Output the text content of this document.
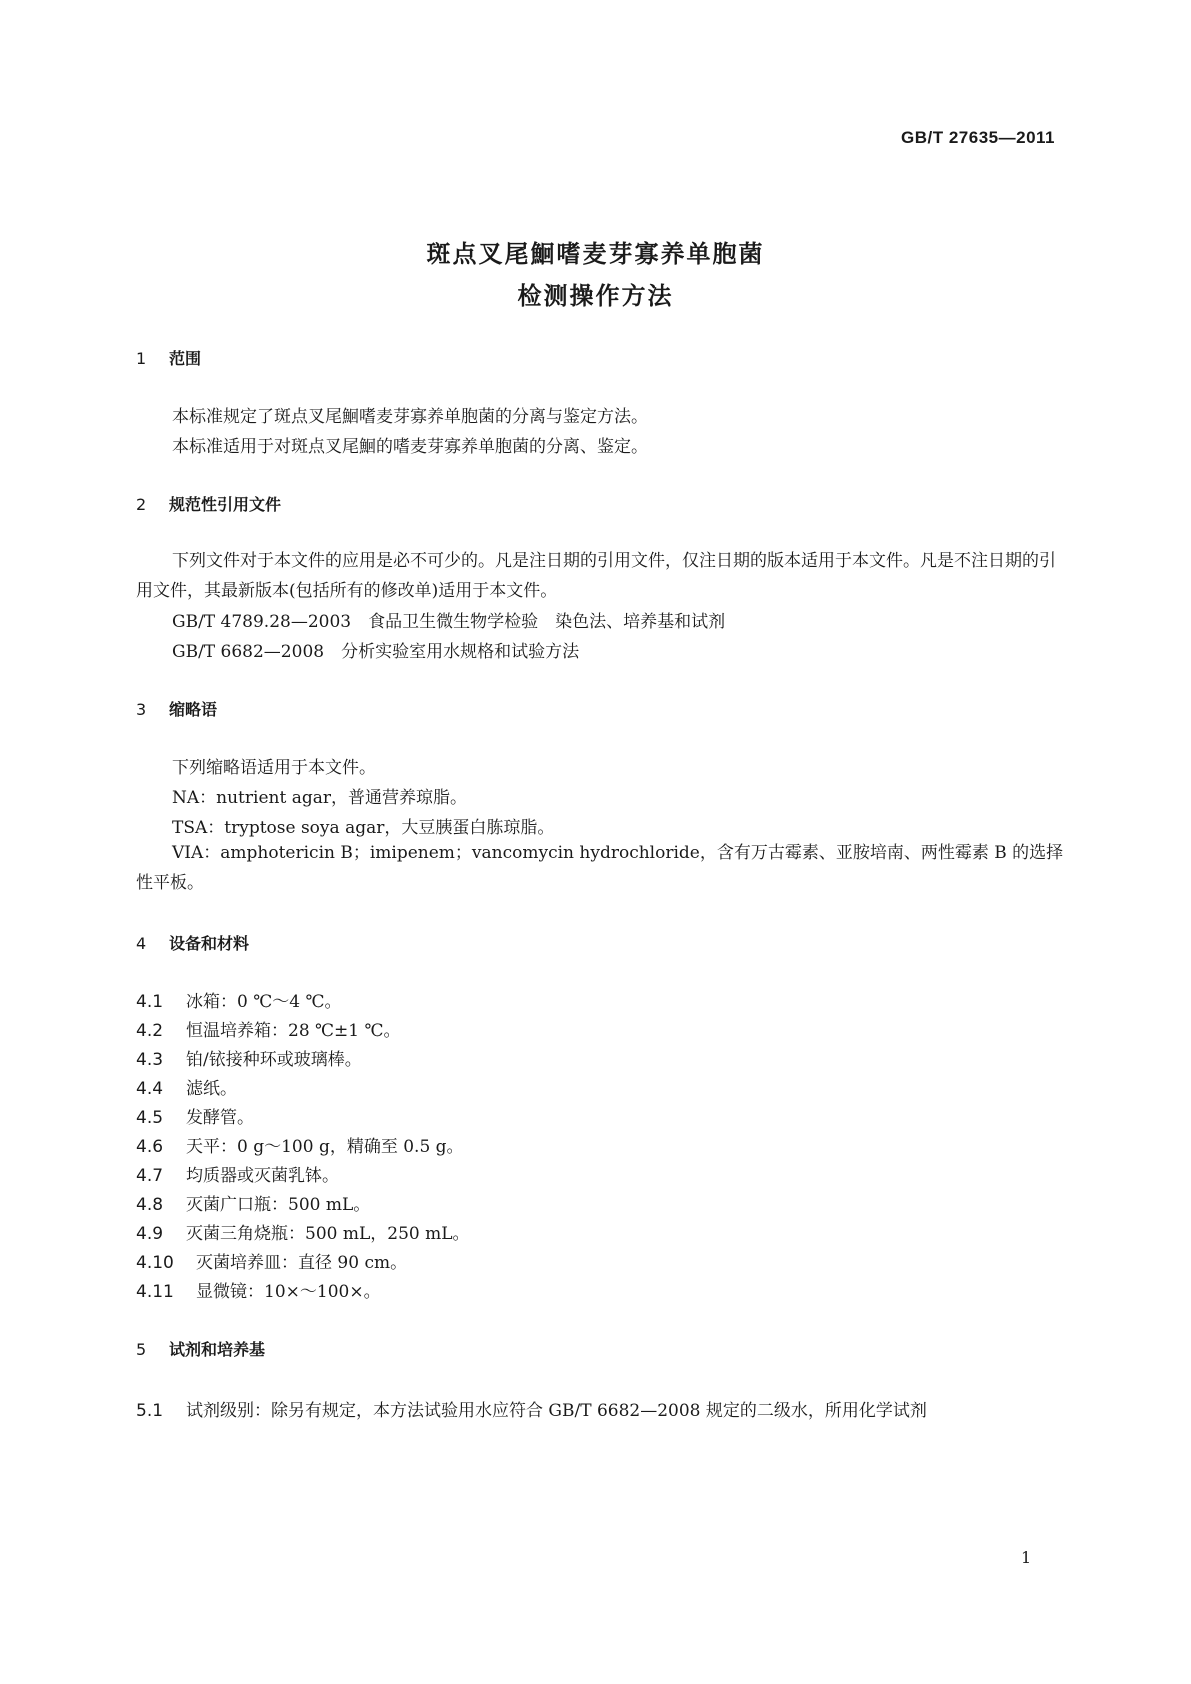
GB/T 27635—2011
斑点叉尾鮰嗜麦芽寡养单胞菌
检测操作方法
1 范围
本标准规定了斑点叉尾鮰嗜麦芽寡养单胞菌的分离与鉴定方法。
本标准适用于对斑点叉尾鮰的嗜麦芽寡养单胞菌的分离、鉴定。
2 规范性引用文件
下列文件对于本文件的应用是必不可少的。凡是注日期的引用文件，仅注日期的版本适用于本文件。凡是不注日期的引用文件，其最新版本(包括所有的修改单)适用于本文件。
GB/T 4789.28—2003　食品卫生微生物学检验　染色法、培养基和试剂
GB/T 6682—2008　分析实验室用水规格和试验方法
3 缩略语
下列缩略语适用于本文件。
NA：nutrient agar，普通营养琼脂。
TSA：tryptose soya agar，大豆胰蛋白胨琼脂。
VIA：amphotericin B；imipenem；vancomycin hydrochloride，含有万古霉素、亚胺培南、两性霉素 B 的选择性平板。
4 设备和材料
4.1 冰箱：0 ℃～4 ℃。
4.2 恒温培养箱：28 ℃±1 ℃。
4.3 铂/铱接种环或玻璃棒。
4.4 滤纸。
4.5 发酵管。
4.6 天平：0 g～100 g，精确至 0.5 g。
4.7 均质器或灭菌乳钵。
4.8 灭菌广口瓶：500 mL。
4.9 灭菌三角烧瓶：500 mL，250 mL。
4.10 灭菌培养皿：直径 90 cm。
4.11 显微镜：10×～100×。
5 试剂和培养基
5.1 试剂级别：除另有规定，本方法试验用水应符合 GB/T 6682—2008 规定的二级水，所用化学试剂
1
